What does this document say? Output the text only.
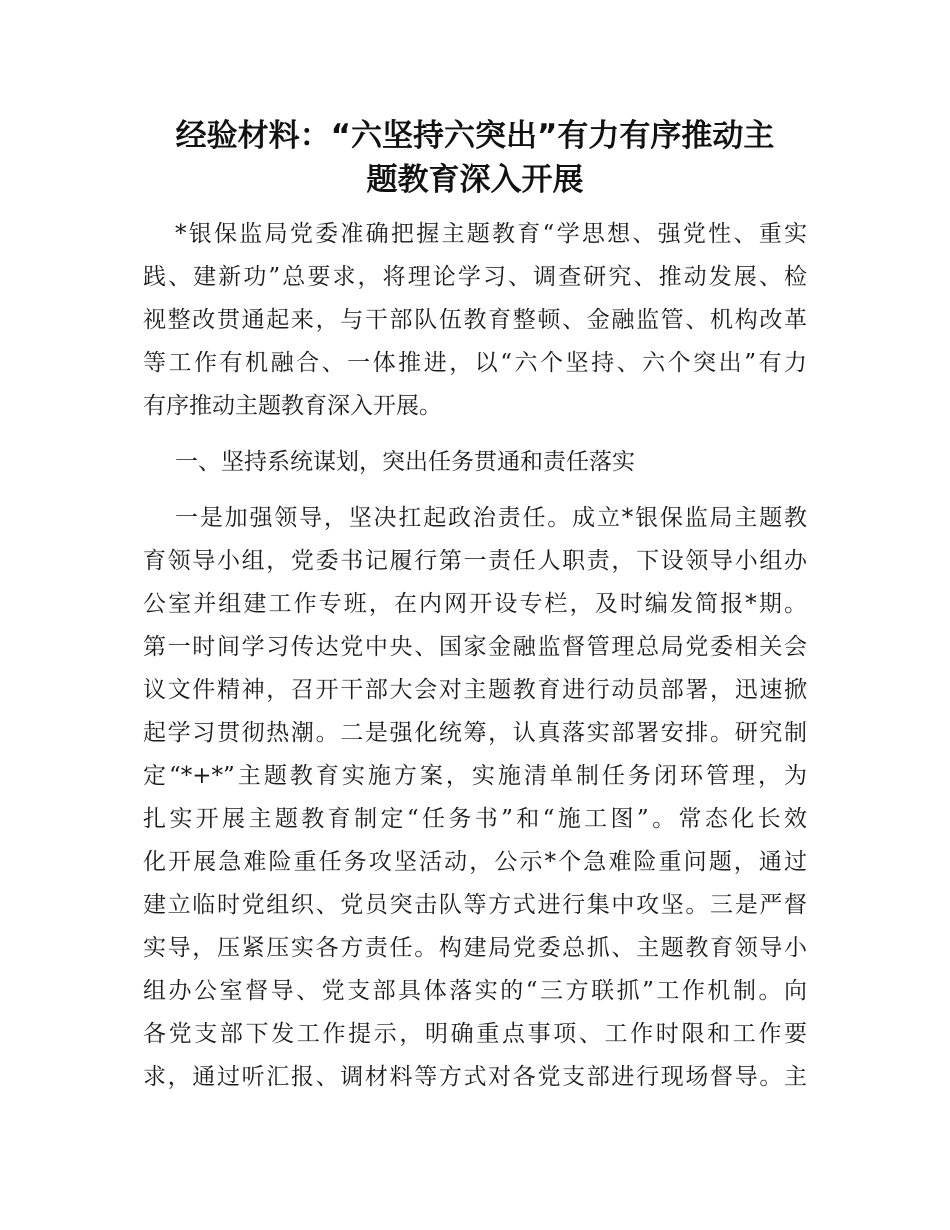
经验材料：“六坚持六突出”有力有序推动主
题教育深入开展
*银保监局党委准确把握主题教育“学思想、强党性、重实
践、建新功”总要求，将理论学习、调查研究、推动发展、检
视整改贯通起来，与干部队伍教育整顿、金融监管、机构改革
等工作有机融合、一体推进，以“六个坚持、六个突出”有力
有序推动主题教育深入开展。
一、坚持系统谋划，突出任务贯通和责任落实
一是加强领导，坚决扛起政治责任。成立*银保监局主题教
育领导小组，党委书记履行第一责任人职责，下设领导小组办
公室并组建工作专班，在内网开设专栏，及时编发简报*期。
第一时间学习传达党中央、国家金融监督管理总局党委相关会
议文件精神，召开干部大会对主题教育进行动员部署，迅速掀
起学习贯彻热潮。二是强化统筹，认真落实部署安排。研究制
定“*+*”主题教育实施方案，实施清单制任务闭环管理，为
扎实开展主题教育制定“任务书”和“施工图”。常态化长效
化开展急难险重任务攻坚活动，公示*个急难险重问题，通过
建立临时党组织、党员突击队等方式进行集中攻坚。三是严督
实导，压紧压实各方责任。构建局党委总抓、主题教育领导小
组办公室督导、党支部具体落实的“三方联抓”工作机制。向
各党支部下发工作提示，明确重点事项、工作时限和工作要
求，通过听汇报、调材料等方式对各党支部进行现场督导。主
